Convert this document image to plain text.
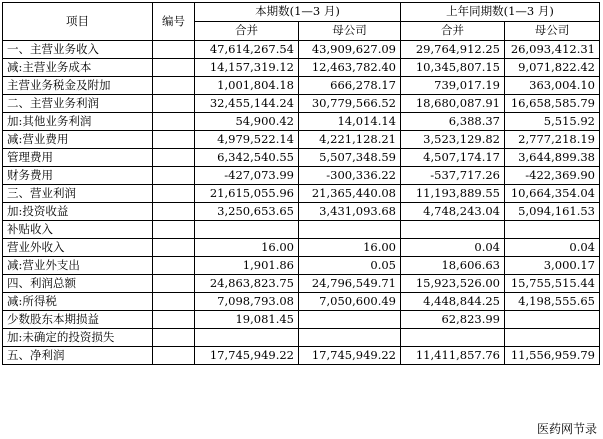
项目	编号	本期数(1—3 月)		上年同期数(1—3 月)	
		合并	母公司	合并	母公司
一、主营业务收入		47,614,267.54	43,909,627.09	29,764,912.25	26,093,412.31
减:主营业务成本		14,157,319.12	12,463,782.40	10,345,807.15	9,071,822.42
主营业务税金及附加		1,001,804.18	666,278.17	739,017.19	363,004.10
二、主营业务利润		32,455,144.24	30,779,566.52	18,680,087.91	16,658,585.79
加:其他业务利润		54,900.42	14,014.14	6,388.37	5,515.92
减:营业费用		4,979,522.14	4,221,128.21	3,523,129.82	2,777,218.19
管理费用		6,342,540.55	5,507,348.59	4,507,174.17	3,644,899.38
财务费用		-427,073.99	-300,336.22	-537,717.26	-422,369.90
三、营业利润		21,615,055.96	21,365,440.08	11,193,889.55	10,664,354.04
加:投资收益		3,250,653.65	3,431,093.68	4,748,243.04	5,094,161.53
补贴收入					
营业外收入		16.00	16.00	0.04	0.04
减:营业外支出		1,901.86	0.05	18,606.63	3,000.17
四、利润总额		24,863,823.75	24,796,549.71	15,923,526.00	15,755,515.44
减:所得税		7,098,793.08	7,050,600.49	4,448,844.25	4,198,555.65
少数股东本期损益		19,081.45		62,823.99	
加:未确定的投资损失					
五、净利润		17,745,949.22	17,745,949.22	11,411,857.76	11,556,959.79
医药网节录
